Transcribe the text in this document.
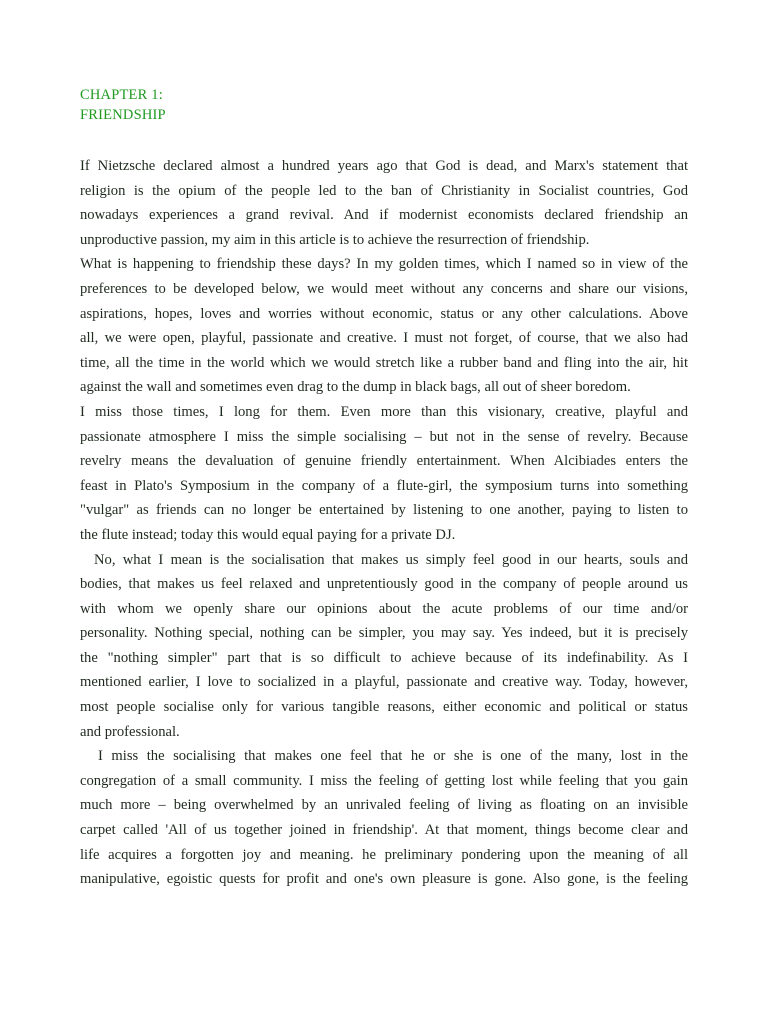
CHAPTER 1:
FRIENDSHIP
If Nietzsche declared almost a hundred years ago that God is dead, and Marx's statement that
religion is the opium of the people led to the ban of Christianity in Socialist countries, God
nowadays experiences a grand revival. And if modernist economists declared friendship an
unproductive passion, my aim in this article is to achieve the resurrection of friendship.
What is happening to friendship these days? In my golden times, which I named so in view of the
preferences to be developed below, we would meet without any concerns and share our visions,
aspirations, hopes, loves and worries without economic, status or any other calculations. Above
all, we were open, playful, passionate and creative. I must not forget, of course, that we also had
time, all the time in the world which we would stretch like a rubber band and fling into the air, hit
against the wall and sometimes even drag to the dump in black bags, all out of sheer boredom.
I miss those times, I long for them. Even more than this visionary, creative, playful and
passionate atmosphere I miss the simple socialising – but not in the sense of revelry. Because
revelry means the devaluation of genuine friendly entertainment. When Alcibiades enters the
feast in Plato's Symposium in the company of a flute-girl, the symposium turns into something
"vulgar" as friends can no longer be entertained by listening to one another, paying to listen to
the flute instead; today this would equal paying for a private DJ.
No, what I mean is the socialisation that makes us simply feel good in our hearts, souls and
bodies, that makes us feel relaxed and unpretentiously good in the company of people around us
with whom we openly share our opinions about the acute problems of our time and/or
personality. Nothing special, nothing can be simpler, you may say. Yes indeed, but it is precisely
the "nothing simpler" part that is so difficult to achieve because of its indefinability. As I
mentioned earlier, I love to socialized in a playful, passionate and creative way. Today, however,
most people socialise only for various tangible reasons, either economic and political or status
and professional.
I miss the socialising that makes one feel that he or she is one of the many, lost in the
congregation of a small community. I miss the feeling of getting lost while feeling that you gain
much more – being overwhelmed by an unrivaled feeling of living as floating on an invisible
carpet called 'All of us together joined in friendship'. At that moment, things become clear and
life acquires a forgotten joy and meaning. he preliminary pondering upon the meaning of all
manipulative, egoistic quests for profit and one's own pleasure is gone. Also gone, is the feeling
